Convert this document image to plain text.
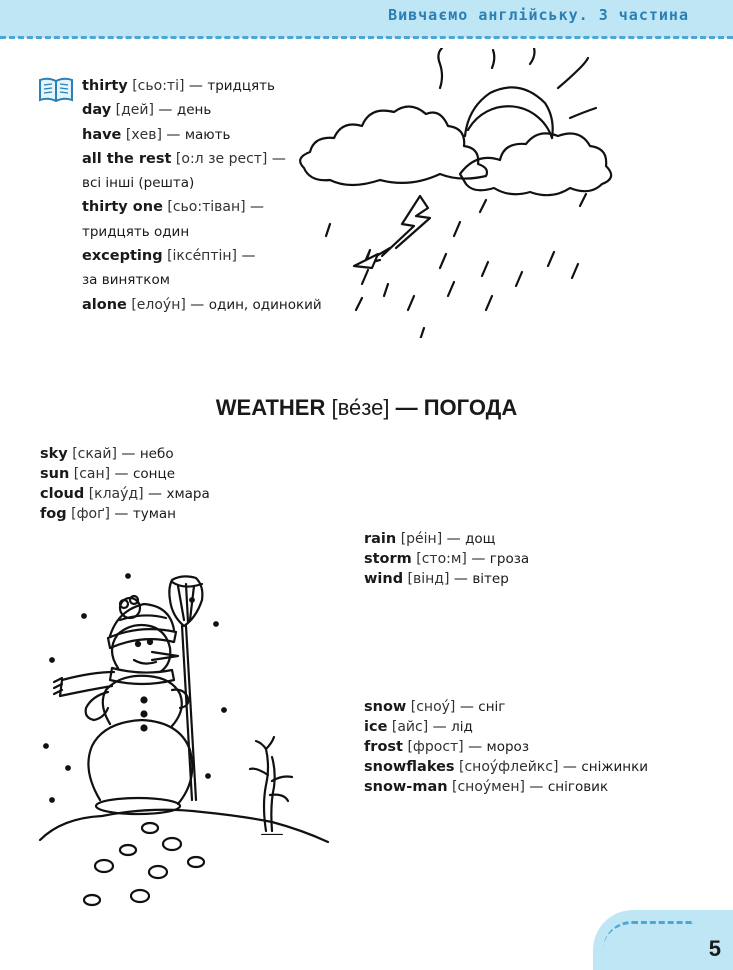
Вивчаємо англійську. 3 частина
thirty [сьо:ті] — тридцять
day [дей] — день
have [хев] — мають
all the rest [о:л зе рест] —
всі інші (решта)
thirty one [сьо:тіван] —
тридцять один
excepting [іксе́птін] —
за винятком
alone [елоу́н] — один, одинокий
WEATHER [ве́зе] — ПОГОДА
sky [скай] — небо
sun [сан] — сонце
cloud [клау́д] — хмара
fog [фоґ] — туман
rain [ре́ін] — дощ
storm [сто:м] — гроза
wind [вінд] — вітер
snow [сноу́] — сніг
ice [айс] — лід
frost [фрост] — мороз
snowflakes [сноу́флейкс] — сніжинки
snow-man [сноу́мен] — сніговик
5
